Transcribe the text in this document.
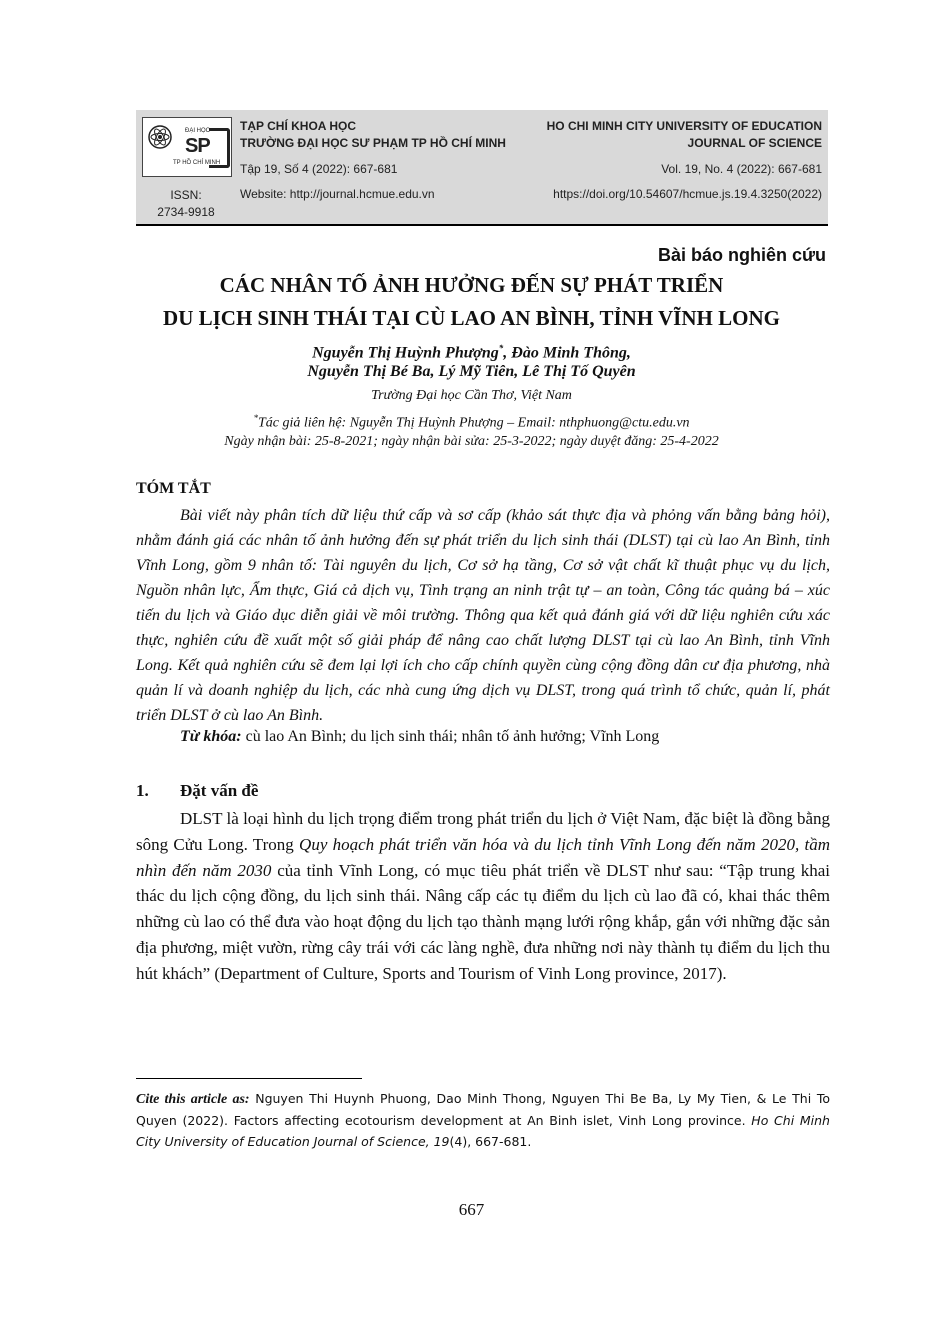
ĐẠI HỌC
SP
TP HỒ CHÍ MINH
ISSN:
2734-9918
TẠP CHÍ KHOA HỌC
TRƯỜNG ĐẠI HỌC SƯ PHẠM TP HỒ CHÍ MINH
Tập 19, Số 4 (2022): 667-681
Website: http://journal.hcmue.edu.vn
HO CHI MINH CITY UNIVERSITY OF EDUCATION
JOURNAL OF SCIENCE
Vol. 19, No. 4 (2022): 667-681
https://doi.org/10.54607/hcmue.js.19.4.3250(2022)
Bài báo nghiên cứu
CÁC NHÂN TỐ ẢNH HƯỞNG ĐẾN SỰ PHÁT TRIỂN
DU LỊCH SINH THÁI TẠI CÙ LAO AN BÌNH, TỈNH VĨNH LONG
Nguyễn Thị Huỳnh Phượng*, Đào Minh Thông,
Nguyễn Thị Bé Ba, Lý Mỹ Tiên, Lê Thị Tố Quyên
Trường Đại học Cần Thơ, Việt Nam
*Tác giả liên hệ: Nguyễn Thị Huỳnh Phượng – Email: nthphuong@ctu.edu.vn
Ngày nhận bài: 25-8-2021; ngày nhận bài sửa: 25-3-2022; ngày duyệt đăng: 25-4-2022
TÓM TẮT

Bài viết này phân tích dữ liệu thứ cấp và sơ cấp (khảo sát thực địa và phỏng vấn bằng bảng hỏi), nhằm đánh giá các nhân tố ảnh hưởng đến sự phát triển du lịch sinh thái (DLST) tại cù lao An Bình, tỉnh Vĩnh Long, gồm 9 nhân tố: Tài nguyên du lịch, Cơ sở hạ tầng, Cơ sở vật chất kĩ thuật phục vụ du lịch, Nguồn nhân lực, Ẩm thực, Giá cả dịch vụ, Tình trạng an ninh trật tự – an toàn, Công tác quảng bá – xúc tiến du lịch và Giáo dục diễn giải về môi trường. Thông qua kết quả đánh giá với dữ liệu nghiên cứu xác thực, nghiên cứu đề xuất một số giải pháp để nâng cao chất lượng DLST tại cù lao An Bình, tỉnh Vĩnh Long. Kết quả nghiên cứu sẽ đem lại lợi ích cho cấp chính quyền cùng cộng đồng dân cư địa phương, nhà quản lí và doanh nghiệp du lịch, các nhà cung ứng dịch vụ DLST, trong quá trình tổ chức, quản lí, phát triển DLST ở cù lao An Bình.

Từ khóa: cù lao An Bình; du lịch sinh thái; nhân tố ảnh hưởng; Vĩnh Long
1. Đặt vấn đề

DLST là loại hình du lịch trọng điểm trong phát triển du lịch ở Việt Nam, đặc biệt là đồng bằng sông Cửu Long. Trong Quy hoạch phát triển văn hóa và du lịch tỉnh Vĩnh Long đến năm 2020, tầm nhìn đến năm 2030 của tỉnh Vĩnh Long, có mục tiêu phát triển về DLST như sau: “Tập trung khai thác du lịch cộng đồng, du lịch sinh thái. Nâng cấp các tụ điểm du lịch cù lao đã có, khai thác thêm những cù lao có thể đưa vào hoạt động du lịch tạo thành mạng lưới rộng khắp, gắn với những đặc sản địa phương, miệt vườn, rừng cây trái với các làng nghề, đưa những nơi này thành tụ điểm du lịch thu hút khách” (Department of Culture, Sports and Tourism of Vinh Long province, 2017).

Cite this article as: Nguyen Thi Huynh Phuong, Dao Minh Thong, Nguyen Thi Be Ba, Ly My Tien, & Le Thi To Quyen (2022). Factors affecting ecotourism development at An Binh islet, Vinh Long province. Ho Chi Minh City University of Education Journal of Science, 19(4), 667-681.

667
